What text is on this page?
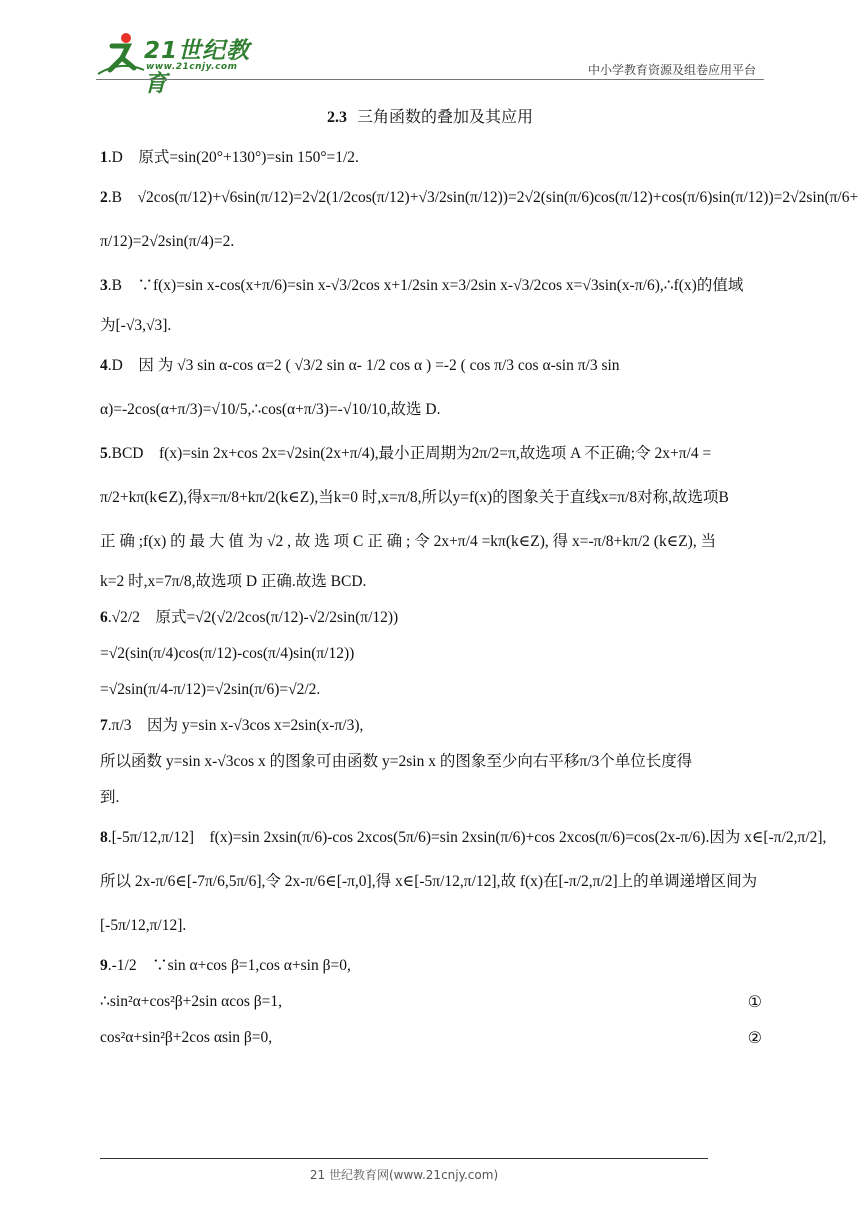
21世纪教育
www.21cnjy.com	中小学教育资源及组卷应用平台
2.3 三角函数的叠加及其应用
1.D　原式=sin(20°+130°)=sin 150°=1/2.
2.B　√2cos(π/12)+√6sin(π/12)=2√2(1/2cos(π/12)+√3/2sin(π/12))=2√2(sin(π/6)cos(π/12)+cos(π/6)sin(π/12))=2√2sin(π/6+
π/12)=2√2sin(π/4)=2.
3.B　∵f(x)=sin x-cos(x+π/6)=sin x-√3/2cos x+1/2sin x=3/2sin x-√3/2cos x=√3sin(x-π/6),∴f(x)的值域
为[-√3,√3].
4.D　因 为 √3 sin α-cos α=2 ( √3/2 sin α- 1/2 cos α ) =-2 ( cos π/3 cos α-sin π/3 sin
α)=-2cos(α+π/3)=√10/5,∴cos(α+π/3)=-√10/10,故选 D.
5.BCD　f(x)=sin 2x+cos 2x=√2sin(2x+π/4),最小正周期为2π/2=π,故选项 A 不正确;令 2x+π/4 =
π/2+kπ(k∈Z),得x=π/8+kπ/2(k∈Z),当k=0 时,x=π/8,所以y=f(x)的图象关于直线x=π/8对称,故选项B
正 确 ;f(x) 的 最 大 值 为 √2 , 故 选 项 C 正 确 ; 令 2x+π/4 =kπ(k∈Z), 得 x=-π/8+kπ/2 (k∈Z), 当
k=2 时,x=7π/8,故选项 D 正确.故选 BCD.
6.√2/2　原式=√2(√2/2cos(π/12)-√2/2sin(π/12))
=√2(sin(π/4)cos(π/12)-cos(π/4)sin(π/12))
=√2sin(π/4-π/12)=√2sin(π/6)=√2/2.
7.π/3　因为 y=sin x-√3cos x=2sin(x-π/3),
所以函数 y=sin x-√3cos x 的图象可由函数 y=2sin x 的图象至少向右平移π/3个单位长度得
到.
8.[-5π/12,π/12]　f(x)=sin 2xsin(π/6)-cos 2xcos(5π/6)=sin 2xsin(π/6)+cos 2xcos(π/6)=cos(2x-π/6).因为 x∈[-π/2,π/2],
所以 2x-π/6∈[-7π/6,5π/6],令 2x-π/6∈[-π,0],得 x∈[-5π/12,π/12],故 f(x)在[-π/2,π/2]上的单调递增区间为
[-5π/12,π/12].
9.-1/2　∵sin α+cos β=1,cos α+sin β=0,
∴sin²α+cos²β+2sin αcos β=1,	①
cos²α+sin²β+2cos αsin β=0,	②
21 世纪教育网(www.21cnjy.com)
